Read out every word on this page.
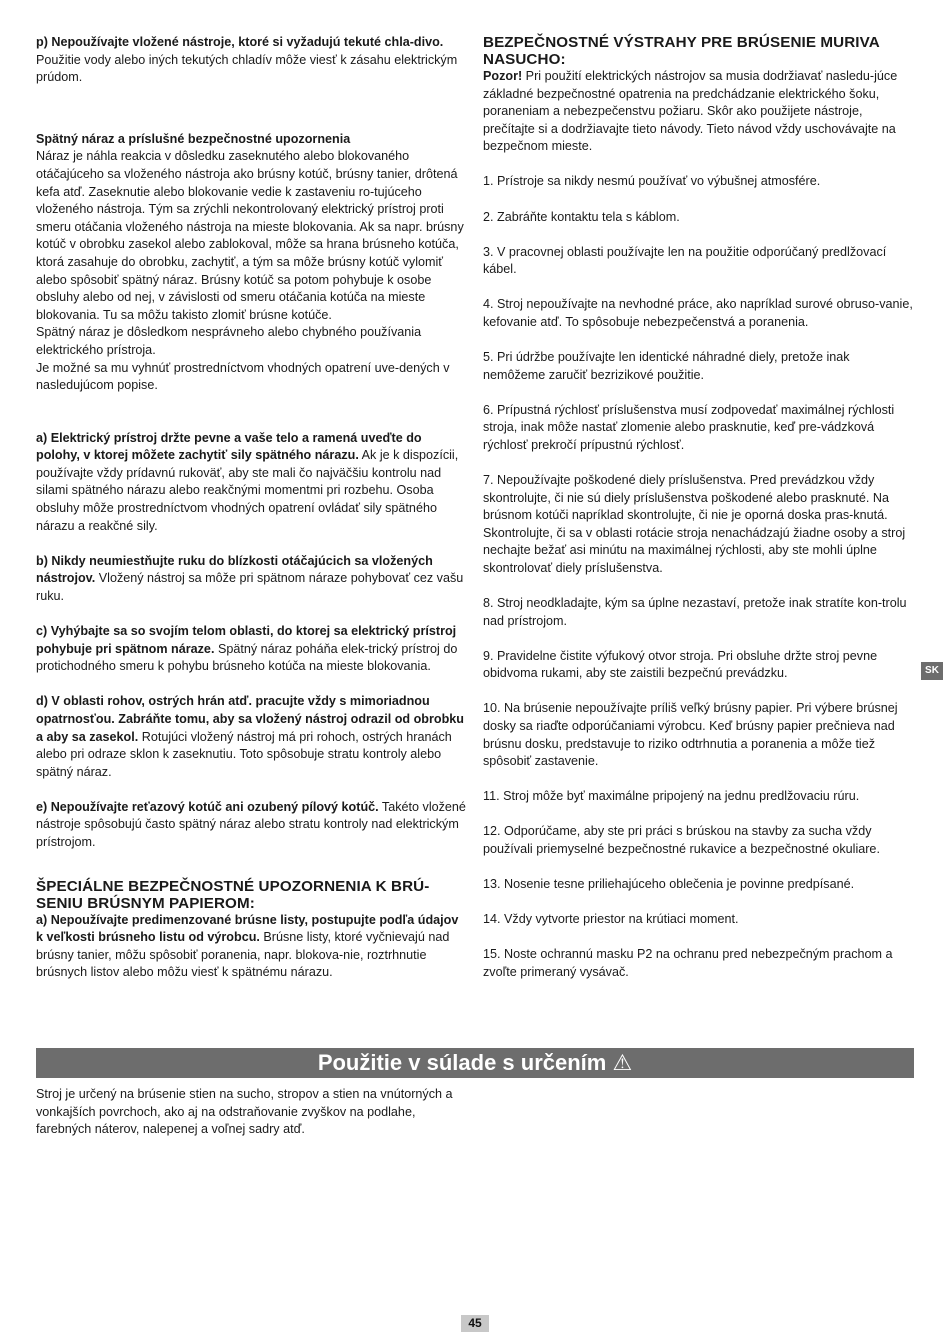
p) Nepoužívajte vložené nástroje, ktoré si vyžadujú tekuté chla-divo. Použitie vody alebo iných tekutých chladív môže viesť k zásahu elektrickým prúdom.

Spätný náraz a príslušné bezpečnostné upozornenia

Náraz je náhla reakcia v dôsledku zaseknutého alebo blokovaného otáčajúceho sa vloženého nástroja ako brúsny kotúč, brúsny tanier, drôtená kefa atď. Zaseknutie alebo blokovanie vedie k zastaveniu ro-tujúceho vloženého nástroja. Tým sa zrýchli nekontrolovaný elektrický prístroj proti smeru otáčania vloženého nástroja na mieste blokovania. Ak sa napr. brúsny kotúč v obrobku zasekol alebo zablokoval, môže sa hrana brúsneho kotúča, ktorá zasahuje do obrobku, zachytiť, a tým sa môže brúsny kotúč vylomiť alebo spôsobiť spätný náraz. Brúsny kotúč sa potom pohybuje k osobe obsluhy alebo od nej, v závislosti od smeru otáčania kotúča na mieste blokovania. Tu sa môžu takisto zlomiť brúsne kotúče.

Spätný náraz je dôsledkom nesprávneho alebo chybného používania elektrického prístroja.

Je možné sa mu vyhnúť prostredníctvom vhodných opatrení uve-dených v nasledujúcom popise.

a) Elektrický prístroj držte pevne a vaše telo a ramená uveďte do polohy, v ktorej môžete zachytiť sily spätného nárazu. Ak je k dispozícii, používajte vždy prídavnú rukoväť, aby ste mali čo najväčšiu kontrolu nad silami spätného nárazu alebo reakčnými momentmi pri rozbehu. Osoba obsluhy môže prostredníctvom vhodných opatrení ovládať sily spätného nárazu a reakčné sily.

b) Nikdy neumiestňujte ruku do blízkosti otáčajúcich sa vložených nástrojov. Vložený nástroj sa môže pri spätnom náraze pohybovať cez vašu ruku.

c) Vyhýbajte sa so svojím telom oblasti, do ktorej sa elektrický prístroj pohybuje pri spätnom náraze. Spätný náraz poháňa elek-trický prístroj do protichodného smeru k pohybu brúsneho kotúča na mieste blokovania.

d) V oblasti rohov, ostrých hrán atď. pracujte vždy s mimoriadnou opatrnosťou. Zabráňte tomu, aby sa vložený nástroj odrazil od obrobku a aby sa zasekol. Rotujúci vložený nástroj má pri rohoch, ostrých hranách alebo pri odraze sklon k zaseknutiu. Toto spôsobuje stratu kontroly alebo spätný náraz.

e) Nepoužívajte reťazový kotúč ani ozubený pílový kotúč. Takéto vložené nástroje spôsobujú často spätný náraz alebo stratu kontroly nad elektrickým prístrojom.

ŠPECIÁLNE BEZPEČNOSTNÉ UPOZORNENIA K BRÚ-SENIU BRÚSNYM PAPIEROM:

a) Nepoužívajte predimenzované brúsne listy, postupujte podľa údajov k veľkosti brúsneho listu od výrobcu. Brúsne listy, ktoré vyčnievajú nad brúsny tanier, môžu spôsobiť poranenia, napr. blokova-nie, roztrhnutie brúsnych listov alebo môžu viesť k spätnému nárazu.

BEZPEČNOSTNÉ VÝSTRAHY PRE BRÚSENIE MURIVA NASUCHO:

Pozor! Pri použití elektrických nástrojov sa musia dodržiavať nasledu-júce základné bezpečnostné opatrenia na predchádzanie elektrického šoku, poraneniam a nebezpečenstvu požiaru. Skôr ako použijete nástroje, prečítajte si a dodržiavajte tieto návody. Tieto návod vždy uschovávajte na bezpečnom mieste.

1. Prístroje sa nikdy nesmú používať vo výbušnej atmosfére.

2. Zabráňte kontaktu tela s káblom.

3. V pracovnej oblasti používajte len na použitie odporúčaný predlžovací kábel.

4. Stroj nepoužívajte na nevhodné práce, ako napríklad surové obruso-vanie, kefovanie atď. To spôsobuje nebezpečenstvá a poranenia.

5. Pri údržbe používajte len identické náhradné diely, pretože inak nemôžeme zaručiť bezrizikové použitie.

6. Prípustná rýchlosť príslušenstva musí zodpovedať maximálnej rýchlosti stroja, inak môže nastať zlomenie alebo prasknutie, keď pre-vádzková rýchlosť prekročí prípustnú rýchlosť.

7. Nepoužívajte poškodené diely príslušenstva. Pred prevádzkou vždy skontrolujte, či nie sú diely príslušenstva poškodené alebo prasknuté. Na brúsnom kotúči napríklad skontrolujte, či nie je oporná doska pras-knutá. Skontrolujte, či sa v oblasti rotácie stroja nenachádzajú žiadne osoby a stroj nechajte bežať asi minútu na maximálnej rýchlosti, aby ste mohli úplne skontrolovať diely príslušenstva.

8. Stroj neodkladajte, kým sa úplne nezastaví, pretože inak stratíte kon-trolu nad prístrojom.

9. Pravidelne čistite výfukový otvor stroja. Pri obsluhe držte stroj pevne obidvoma rukami, aby ste zaistili bezpečnú prevádzku.

10. Na brúsenie nepoužívajte príliš veľký brúsny papier. Pri výbere brúsnej dosky sa riaďte odporúčaniami výrobcu. Keď brúsny papier prečnieva nad brúsnu dosku, predstavuje to riziko odtrhnutia a poranenia a môže tiež spôsobiť zastavenie.

11. Stroj môže byť maximálne pripojený na jednu predlžovaciu rúru.

12. Odporúčame, aby ste pri práci s brúskou na stavby za sucha vždy používali priemyselné bezpečnostné rukavice a bezpečnostné okuliare.

13. Nosenie tesne priliehajúceho oblečenia je povinne predpísané.

14. Vždy vytvorte priestor na krútiaci moment.

15. Noste ochrannú masku P2 na ochranu pred nebezpečným prachom a zvoľte primeraný vysávač.

Použitie v súlade s určením ⚠

Stroj je určený na brúsenie stien na sucho, stropov a stien na vnútorných a vonkajších povrchoch, ako aj na odstraňovanie zvyškov na podlahe, farebných náterov, nalepenej a voľnej sadry atď.

SK
45
